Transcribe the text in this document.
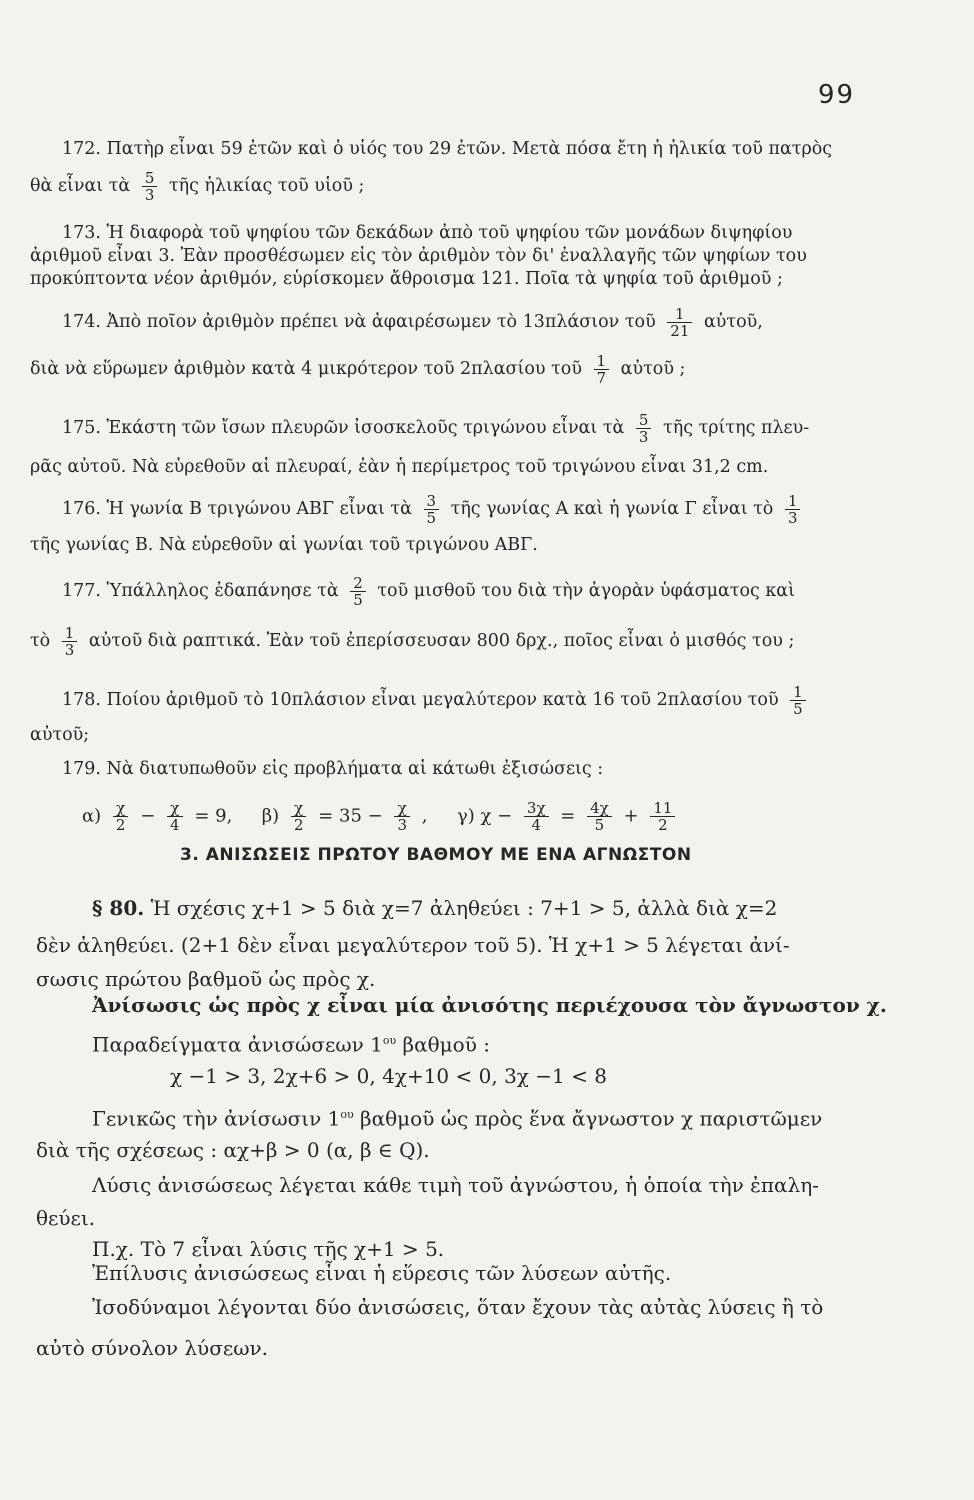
99
172. Πατὴρ εἶναι 59 ἐτῶν καὶ ὁ υἱός του 29 ἐτῶν. Μετὰ πόσα ἔτη ἡ ἡλικία τοῦ πατρὸς
θὰ εἶναι τὰ $\frac{5}{3}$ τῆς ἡλικίας τοῦ υἱοῦ ;
173. Ἡ διαφορὰ τοῦ ψηφίου τῶν δεκάδων ἀπὸ τοῦ ψηφίου τῶν μονάδων διψηφίου
ἀριθμοῦ εἶναι 3. Ἐὰν προσθέσωμεν εἰς τὸν ἀριθμὸν τὸν δι' ἐναλλαγῆς τῶν ψηφίων του
προκύπτοντα νέον ἀριθμόν, εὑρίσκομεν ἄθροισμα 121. Ποῖα τὰ ψηφία τοῦ ἀριθμοῦ ;
174. Ἀπὸ ποῖον ἀριθμὸν πρέπει νὰ ἀφαιρέσωμεν τὸ 13πλάσιον τοῦ $\frac{1}{21}$ αὐτοῦ,
διὰ νὰ εὕρωμεν ἀριθμὸν κατὰ 4 μικρότερον τοῦ 2πλασίου τοῦ $\frac{1}{7}$ αὐτοῦ ;
175. Ἑκάστη τῶν ἴσων πλευρῶν ἰσοσκελοῦς τριγώνου εἶναι τὰ $\frac{5}{3}$ τῆς τρίτης πλευ-
ρᾶς αὐτοῦ. Νὰ εὑρεθοῦν αἱ πλευραί, ἐὰν ἡ περίμετρος τοῦ τριγώνου εἶναι 31,2 cm.
176. Ἡ γωνία Β τριγώνου ΑΒΓ εἶναι τὰ $\frac{3}{5}$ τῆς γωνίας Α καὶ ἡ γωνία Γ εἶναι τὸ $\frac{1}{3}$
τῆς γωνίας Β. Νὰ εὑρεθοῦν αἱ γωνίαι τοῦ τριγώνου ΑΒΓ.
177. Ὑπάλληλος ἐδαπάνησε τὰ $\frac{2}{5}$ τοῦ μισθοῦ του διὰ τὴν ἀγορὰν ὑφάσματος καὶ
τὸ $\frac{1}{3}$ αὐτοῦ διὰ ραπτικά. Ἐὰν τοῦ ἐπερίσσευσαν 800 δρχ., ποῖος εἶναι ὁ μισθός του ;
178. Ποίου ἀριθμοῦ τὸ 10πλάσιον εἶναι μεγαλύτερον κατὰ 16 τοῦ 2πλασίου τοῦ $\frac{1}{5}$
αὐτοῦ;
179. Νὰ διατυπωθοῦν εἰς προβλήματα αἱ κάτωθι ἐξισώσεις :
$\alpha) \frac{\chi}{2} - \frac{\chi}{4} = 9$, $\beta) \frac{\chi}{2} = 35 - \frac{\chi}{3}$ , γ) $\chi - \frac{3\chi}{4} = \frac{4\chi}{5} + \frac{11}{2}$
3. ΑΝΙΣΩΣΕΙΣ ΠΡΩΤΟΥ ΒΑΘΜΟΥ ΜΕ ΕΝΑ ΑΓΝΩΣΤΟΝ
§ 80. Ἡ σχέσις χ+1 > 5 διὰ χ=7 ἀληθεύει : 7+1 > 5, ἀλλὰ διὰ χ=2
δὲν ἀληθεύει. (2+1 δὲν εἶναι μεγαλύτερον τοῦ 5). Ἡ χ+1 > 5 λέγεται ἀνί-
σωσις πρώτου βαθμοῦ ὡς πρὸς χ.
Ἀνίσωσις ὡς πρὸς χ εἶναι μία ἀνισότης περιέχουσα τὸν ἄγνωστον χ.
Παραδείγματα ἀνισώσεων $1^{o\upsilon}$ βαθμοῦ :
χ −1 > 3, 2χ+6 > 0, 4χ+10 < 0, 3χ −1 < 8
Γενικῶς τὴν ἀνίσωσιν $1^{o\upsilon}$ βαθμοῦ ὡς πρὸς ἕνα ἄγνωστον χ παριστῶμεν
διὰ τῆς σχέσεως : αχ+β > 0 (α, β ∈ Q).
Λύσις ἀνισώσεως λέγεται κάθε τιμὴ τοῦ ἀγνώστου, ἡ ὁποία τὴν ἐπαλη-
θεύει.
Π.χ. Τὸ 7 εἶναι λύσις τῆς χ+1 > 5.
Ἐπίλυσις ἀνισώσεως εἶναι ἡ εὕρεσις τῶν λύσεων αὐτῆς.
Ἰσοδύναμοι λέγονται δύο ἀνισώσεις, ὅταν ἔχουν τὰς αὐτὰς λύσεις ἢ τὸ
αὐτὸ σύνολον λύσεων.
